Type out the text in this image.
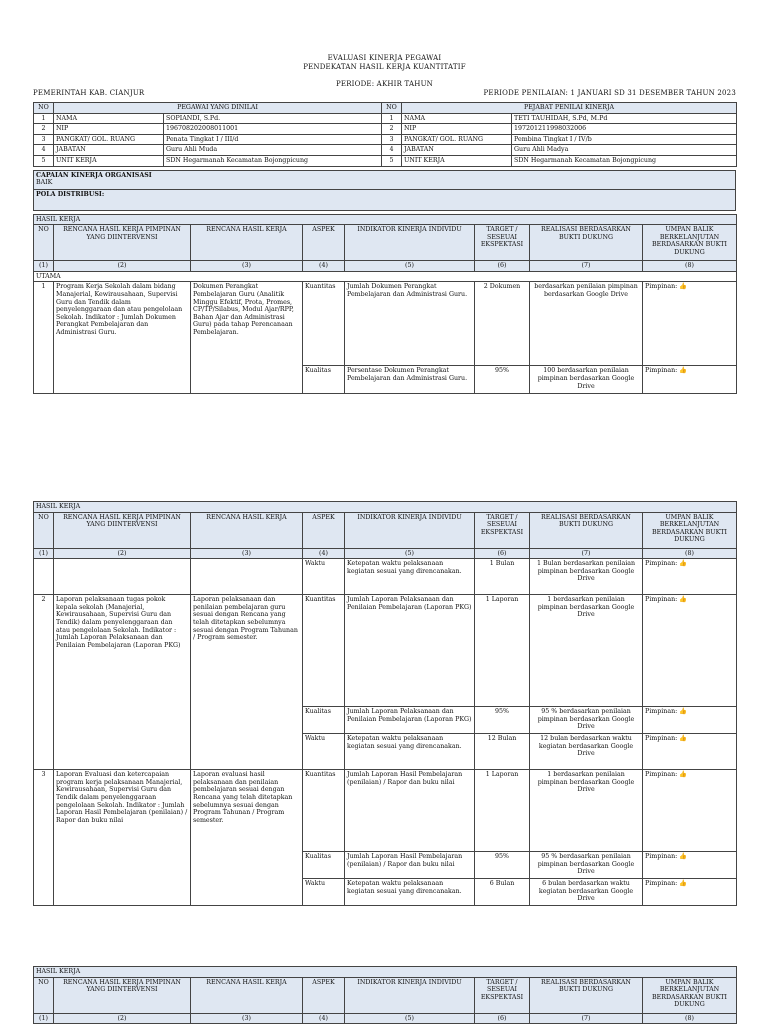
EVALUASI KINERJA PEGAWAI
PENDEKATAN HASIL KERJA KUANTITATIF
PERIODE: AKHIR TAHUN
PEMERINTAH KAB. CIANJUR	PERIODE PENILAIAN: 1 JANUARI SD 31 DESEMBER TAHUN 2023
NO	PEGAWAI YANG DINILAI		NO	PEJABAT PENILAI KINERJA	
1	NAMA	SOPIANDI, S.Pd.	1	NAMA	TETI TAUHIDAH, S.Pd, M.Pd
2	NIP	196708202008011001	2	NIP	197201211998032006
3	PANGKAT/ GOL. RUANG	Penata Tingkat I / III/d	3	PANGKAT/ GOL. RUANG	Pembina Tingkat I / IV/b
4	JABATAN	Guru Ahli Muda	4	JABATAN	Guru Ahli Madya
5	UNIT KERJA	SDN Hegarmanah Kecamatan Bojongpicung	5	UNIT KERJA	SDN Hegarmanah Kecamatan Bojongpicung
CAPAIAN KINERJA ORGANISASI
BAIK

POLA DISTRIBUSI:
HASIL KERJA							
NO	RENCANA HASIL KERJA PIMPINAN YANG DIINTERVENSI	RENCANA HASIL KERJA	ASPEK	INDIKATOR KINERJA INDIVIDU	TARGET / SESEUAI EKSPEKTASI	REALISASI BERDASARKAN BUKTI DUKUNG	UMPAN BALIK BERKELANJUTAN BERDASARKAN BUKTI DUKUNG
(1)	(2)	(3)	(4)	(5)	(6)	(7)	(8)
UTAMA							
1	Program Kerja Sekolah dalam bidang Manajerial, Kewirausahaan, Supervisi Guru dan Tendik dalam penyelenggaraan dan atau pengelolaan Sekolah. Indikator : Jumlah Dokumen Perangkat Pembelajaran dan Administrasi Guru.	Dokumen Perangkat Pembelajaran Guru (Analitik Minggu Efektif, Prota, Promes, CP/TP/Silabus, Modul Ajar/RPP, Bahan Ajar dan Administrasi Guru) pada tahap Perencanaan Pembelajaran.	Kuantitas	Jumlah Dokumen Perangkat Pembelajaran dan Administrasi Guru.	2 Dokumen	berdasarkan penilaian pimpinan berdasarkan Google Drive	Pimpinan: 👍
			Kualitas	Persentase Dokumen Perangkat Pembelajaran dan Administrasi Guru.	95%	100 berdasarkan penilaian pimpinan berdasarkan Google Drive	Pimpinan: 👍
HASIL KERJA							
NO	RENCANA HASIL KERJA PIMPINAN YANG DIINTERVENSI	RENCANA HASIL KERJA	ASPEK	INDIKATOR KINERJA INDIVIDU	TARGET / SESEUAI EKSPEKTASI	REALISASI BERDASARKAN BUKTI DUKUNG	UMPAN BALIK BERKELANJUTAN BERDASARKAN BUKTI DUKUNG
(1)	(2)	(3)	(4)	(5)	(6)	(7)	(8)
			Waktu	Ketepatan waktu pelaksanaan kegiatan sesuai yang direncanakan.	1 Bulan	1 Bulan berdasarkan penilaian pimpinan berdasarkan Google Drive	Pimpinan: 👍
2	Laporan pelaksanaan tugas pokok kepala sekolah (Manajerial, Kewirausahaan, Supervisi Guru dan Tendik) dalam penyelenggaraan dan atau pengelolaan Sekolah. Indikator : Jumlah Laporan Pelaksanaan dan Penilaian Pembelajaran (Laporan PKG)	Laporan pelaksanaan dan penilaian pembelajaran guru sesuai dengan Rencana yang telah ditetapkan sebelumnya sesuai dengan Program Tahunan / Program semester.	Kuantitas	Jumlah Laporan Pelaksanaan dan Penilaian Pembelajaran (Laporan PKG)	1 Laporan	1 berdasarkan penilaian pimpinan berdasarkan Google Drive	Pimpinan: 👍
			Kualitas	Jumlah Laporan Pelaksanaan dan Penilaian Pembelajaran (Laporan PKG)	95%	95 % berdasarkan penilaian pimpinan berdasarkan Google Drive	Pimpinan: 👍
			Waktu	Ketepatan waktu pelaksanaan kegiatan sesuai yang direncanakan.	12 Bulan	12 bulan berdasarkan waktu kegiatan berdasarkan Google Drive	Pimpinan: 👍
3	Laporan Evaluasi dan ketercapaian program kerja pelaksanaan Manajerial, Kewirausahaan, Supervisi Guru dan Tendik dalam penyelenggaraan pengelolaan Sekolah. Indikator : Jumlah Laporan Hasil Pembelajaran (penilaian) / Rapor dan buku nilai	Laporan evaluasi hasil pelaksanaan dan penilaian pembelajaran sesuai dengan Rencana yang telah ditetapkan sebelumnya sesuai dengan Program Tahunan / Program semester.	Kuantitas	Jumlah Laporan Hasil Pembelajaran (penilaian) / Rapor dan buku nilai	1 Laporan	1 berdasarkan penilaian pimpinan berdasarkan Google Drive	Pimpinan: 👍
			Kualitas	Jumlah Laporan Hasil Pembelajaran (penilaian) / Rapor dan buku nilai	95%	95 % berdasarkan penilaian pimpinan berdasarkan Google Drive	Pimpinan: 👍
			Waktu	Ketepatan waktu pelaksanaan kegiatan sesuai yang direncanakan.	6 Bulan	6 bulan berdasarkan waktu kegiatan berdasarkan Google Drive	Pimpinan: 👍
HASIL KERJA							
NO	RENCANA HASIL KERJA PIMPINAN YANG DIINTERVENSI	RENCANA HASIL KERJA	ASPEK	INDIKATOR KINERJA INDIVIDU	TARGET / SESEUAI EKSPEKTASI	REALISASI BERDASARKAN BUKTI DUKUNG	UMPAN BALIK BERKELANJUTAN BERDASARKAN BUKTI DUKUNG
(1)	(2)	(3)	(4)	(5)	(6)	(7)	(8)
